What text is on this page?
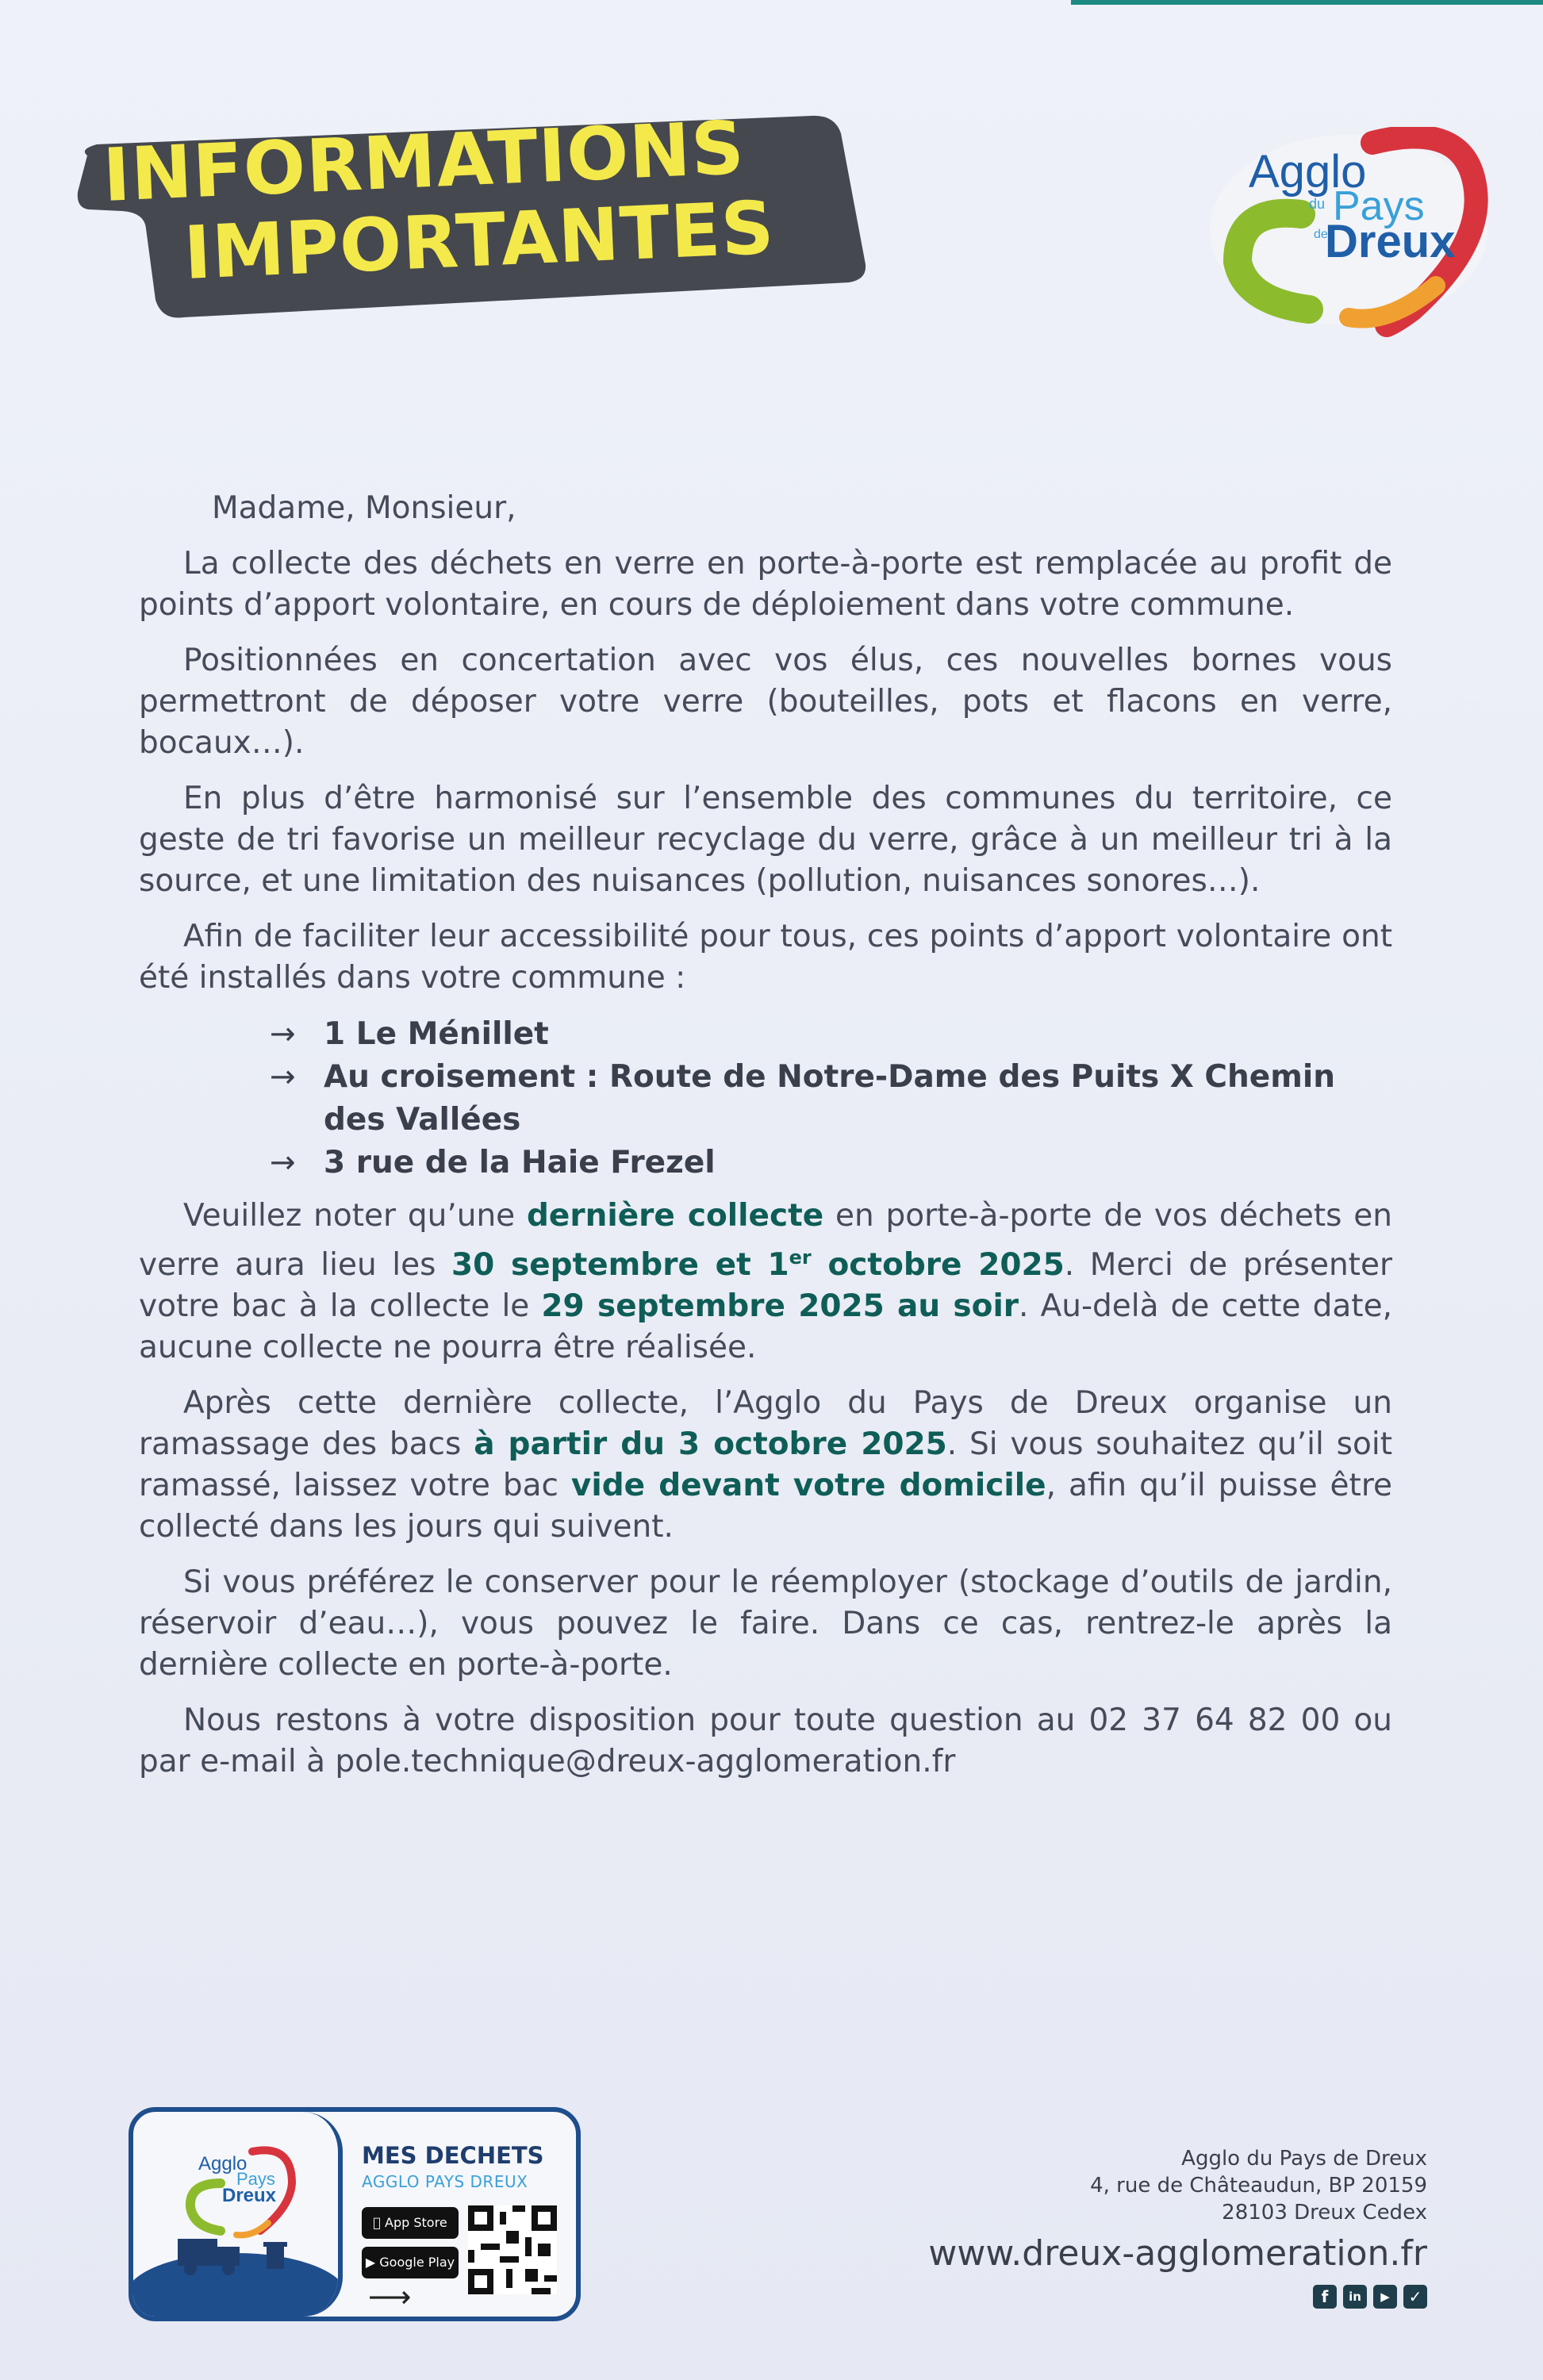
INFORMATIONS
IMPORTANTES
Agglo
du Pays
de
Dreux

Madame, Monsieur,

La collecte des déchets en verre en porte-à-porte est remplacée au profit de points d’apport volontaire, en cours de déploiement dans votre commune.

Positionnées en concertation avec vos élus, ces nouvelles bornes vous permettront de déposer votre verre (bouteilles, pots et flacons en verre, bocaux…).

En plus d’être harmonisé sur l’ensemble des communes du territoire, ce geste de tri favorise un meilleur recyclage du verre, grâce à un meilleur tri à la source, et une limitation des nuisances (pollution, nuisances sonores…).

Afin de faciliter leur accessibilité pour tous, ces points d’apport volontaire ont été installés dans votre commune :

→ 1 Le Ménillet
→ Au croisement : Route de Notre-Dame des Puits X Chemin des Vallées
→ 3 rue de la Haie Frezel

Veuillez noter qu’une dernière collecte en porte-à-porte de vos déchets en verre aura lieu les 30 septembre et 1er octobre 2025. Merci de présenter votre bac à la collecte le 29 septembre 2025 au soir. Au-delà de cette date, aucune collecte ne pourra être réalisée.

Après cette dernière collecte, l’Agglo du Pays de Dreux organise un ramassage des bacs à partir du 3 octobre 2025. Si vous souhaitez qu’il soit ramassé, laissez votre bac vide devant votre domicile, afin qu’il puisse être collecté dans les jours qui suivent.

Si vous préférez le conserver pour le réemployer (stockage d’outils de jardin, réservoir d’eau…), vous pouvez le faire. Dans ce cas, rentrez-le après la dernière collecte en porte-à-porte.

Nous restons à votre disposition pour toute question au 02 37 64 82 00 ou par e-mail à pole.technique@dreux-agglomeration.fr

Agglo
Pays
Dreux
MES DECHETS
AGGLO PAYS DREUX
App Store
▶ Google Play
⟶
Agglo du Pays de Dreux
4, rue de Châteaudun, BP 20159
28103 Dreux Cedex
www.dreux-agglomeration.fr
f	in	▶	✓
